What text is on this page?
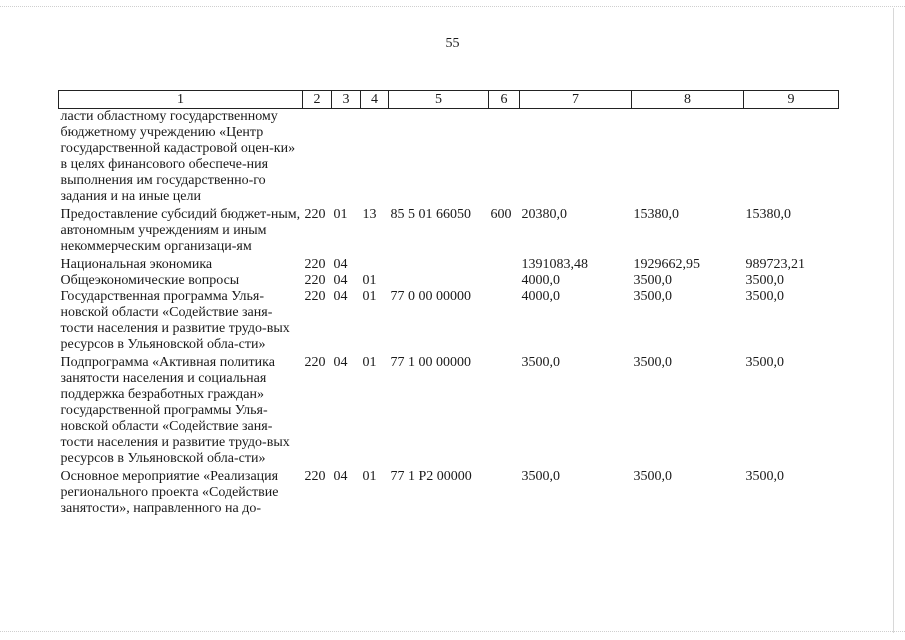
55
1	2	3	4	5	6	7	8	9
ласти областному государственному бюджетному учреждению «Центр государственной кадастровой оцен-ки» в целях финансового обеспече-ния выполнения им государственно-го задания и на иные цели								
Предоставление субсидий бюджет-ным, автономным учреждениям и иным некоммерческим организаци-ям	220	01	13	85 5 01 66050	600	20380,0	15380,0	15380,0
Национальная экономика	220	04				1391083,48	1929662,95	989723,21
Общеэкономические вопросы	220	04	01			4000,0	3500,0	3500,0
Государственная программа Улья-новской области «Содействие заня-тости населения и развитие трудо-вых ресурсов в Ульяновской обла-сти»	220	04	01	77 0 00 00000		4000,0	3500,0	3500,0
Подпрограмма «Активная политика занятости населения и социальная поддержка безработных граждан» государственной программы Улья-новской области «Содействие заня-тости населения и развитие трудо-вых ресурсов в Ульяновской обла-сти»	220	04	01	77 1 00 00000		3500,0	3500,0	3500,0
Основное мероприятие «Реализация регионального проекта «Содействие занятости», направленного на до-	220	04	01	77 1 P2 00000		3500,0	3500,0	3500,0
